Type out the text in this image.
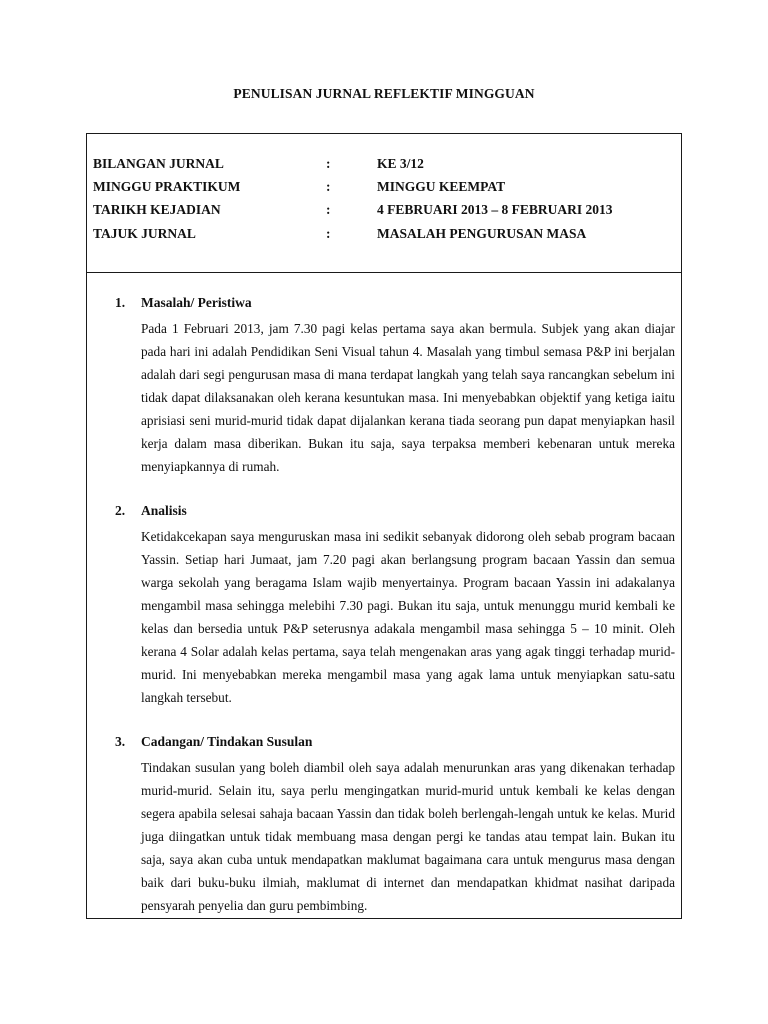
PENULISAN JURNAL REFLEKTIF MINGGUAN
BILANGAN JURNAL	:	KE 3/12
MINGGU PRAKTIKUM	:	MINGGU KEEMPAT
TARIKH KEJADIAN	:	4 FEBRUARI 2013 – 8 FEBRUARI 2013
TAJUK JURNAL	:	MASALAH PENGURUSAN MASA
1. Masalah/ Peristiwa
Pada 1 Februari 2013, jam 7.30 pagi kelas pertama saya akan bermula. Subjek yang akan diajar pada hari ini adalah Pendidikan Seni Visual tahun 4. Masalah yang timbul semasa P&P ini berjalan adalah dari segi pengurusan masa di mana terdapat langkah yang telah saya rancangkan sebelum ini tidak dapat dilaksanakan oleh kerana kesuntukan masa. Ini menyebabkan objektif yang ketiga iaitu aprisiasi seni murid-murid tidak dapat dijalankan kerana tiada seorang pun dapat menyiapkan hasil kerja dalam masa diberikan. Bukan itu saja, saya terpaksa memberi kebenaran untuk mereka menyiapkannya di rumah.
2. Analisis
Ketidakcekapan saya menguruskan masa ini sedikit sebanyak didorong oleh sebab program bacaan Yassin. Setiap hari Jumaat, jam 7.20 pagi akan berlangsung program bacaan Yassin dan semua warga sekolah yang beragama Islam wajib menyertainya. Program bacaan Yassin ini adakalanya mengambil masa sehingga melebihi 7.30 pagi. Bukan itu saja, untuk menunggu murid kembali ke kelas dan bersedia untuk P&P seterusnya adakala mengambil masa sehingga 5 – 10 minit. Oleh kerana 4 Solar adalah kelas pertama, saya telah mengenakan aras yang agak tinggi terhadap murid-murid. Ini menyebabkan mereka mengambil masa yang agak lama untuk menyiapkan satu-satu langkah tersebut.
3. Cadangan/ Tindakan Susulan
Tindakan susulan yang boleh diambil oleh saya adalah menurunkan aras yang dikenakan terhadap murid-murid. Selain itu, saya perlu mengingatkan murid-murid untuk kembali ke kelas dengan segera apabila selesai sahaja bacaan Yassin dan tidak boleh berlengah-lengah untuk ke kelas. Murid juga diingatkan untuk tidak membuang masa dengan pergi ke tandas atau tempat lain. Bukan itu saja, saya akan cuba untuk mendapatkan maklumat bagaimana cara untuk mengurus masa dengan baik dari buku-buku ilmiah, maklumat di internet dan mendapatkan khidmat nasihat daripada pensyarah penyelia dan guru pembimbing.
